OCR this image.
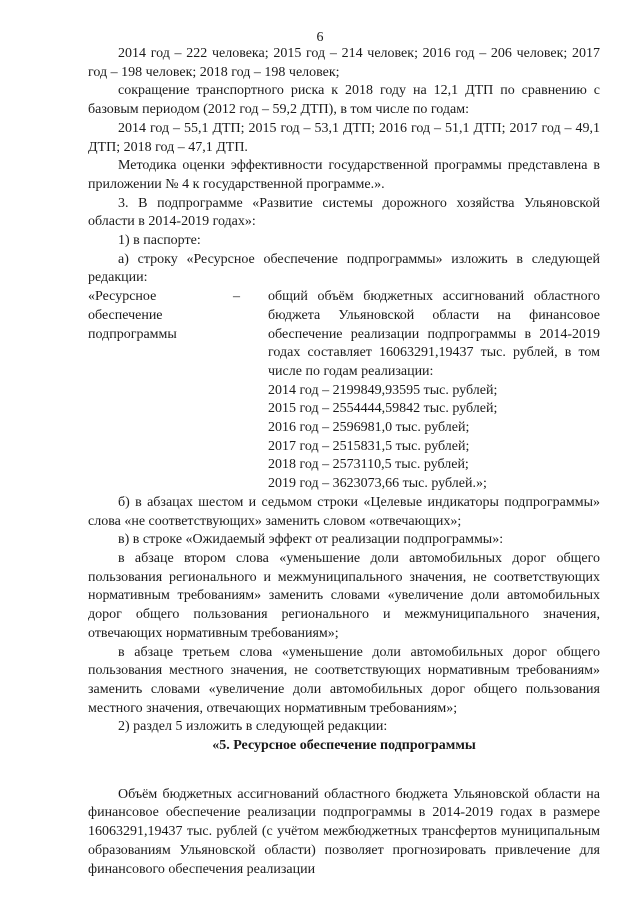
6

2014 год – 222 человека; 2015 год – 214 человек; 2016 год – 206 человек; 2017 год – 198 человек; 2018 год – 198 человек;

сокращение транспортного риска к 2018 году на 12,1 ДТП по сравнению с базовым периодом (2012 год – 59,2 ДТП), в том числе по годам:

2014 год – 55,1 ДТП; 2015 год – 53,1 ДТП; 2016 год – 51,1 ДТП; 2017 год – 49,1 ДТП; 2018 год – 47,1 ДТП.

Методика оценки эффективности государственной программы представлена в приложении № 4 к государственной программе.».

3. В подпрограмме «Развитие системы дорожного хозяйства Ульяновской области в 2014-2019 годах»:

1) в паспорте:

а) строку «Ресурсное обеспечение подпрограммы» изложить в следующей редакции:

«Ресурсное обеспечение подпрограммы
–	общий объём бюджетных ассигнований областного бюджета Ульяновской области на финансовое обеспечение реализации подпрограммы в 2014-2019 годах составляет 16063291,19437 тыс. рублей, в том числе по годам реализации:
2014 год – 2199849,93595 тыс. рублей;
2015 год – 2554444,59842 тыс. рублей;
2016 год – 2596981,0 тыс. рублей;
2017 год – 2515831,5 тыс. рублей;
2018 год – 2573110,5 тыс. рублей;
2019 год – 3623073,66 тыс. рублей.»;

б) в абзацах шестом и седьмом строки «Целевые индикаторы подпрограммы» слова «не соответствующих» заменить словом «отвечающих»;

в) в строке «Ожидаемый эффект от реализации подпрограммы»:

в абзаце втором слова «уменьшение доли автомобильных дорог общего пользования регионального и межмуниципального значения, не соответствующих нормативным требованиям» заменить словами «увеличение доли автомобильных дорог общего пользования регионального и межмуниципального значения, отвечающих нормативным требованиям»;

в абзаце третьем слова «уменьшение доли автомобильных дорог общего пользования местного значения, не соответствующих нормативным требованиям» заменить словами «увеличение доли автомобильных дорог общего пользования местного значения, отвечающих нормативным требованиям»;

2) раздел 5 изложить в следующей редакции:

«5. Ресурсное обеспечение подпрограммы

Объём бюджетных ассигнований областного бюджета Ульяновской области на финансовое обеспечение реализации подпрограммы в 2014-2019 годах в размере 16063291,19437 тыс. рублей (с учётом межбюджетных трансфертов муниципальным образованиям Ульяновской области) позволяет прогнозировать привлечение для финансового обеспечения реализации
